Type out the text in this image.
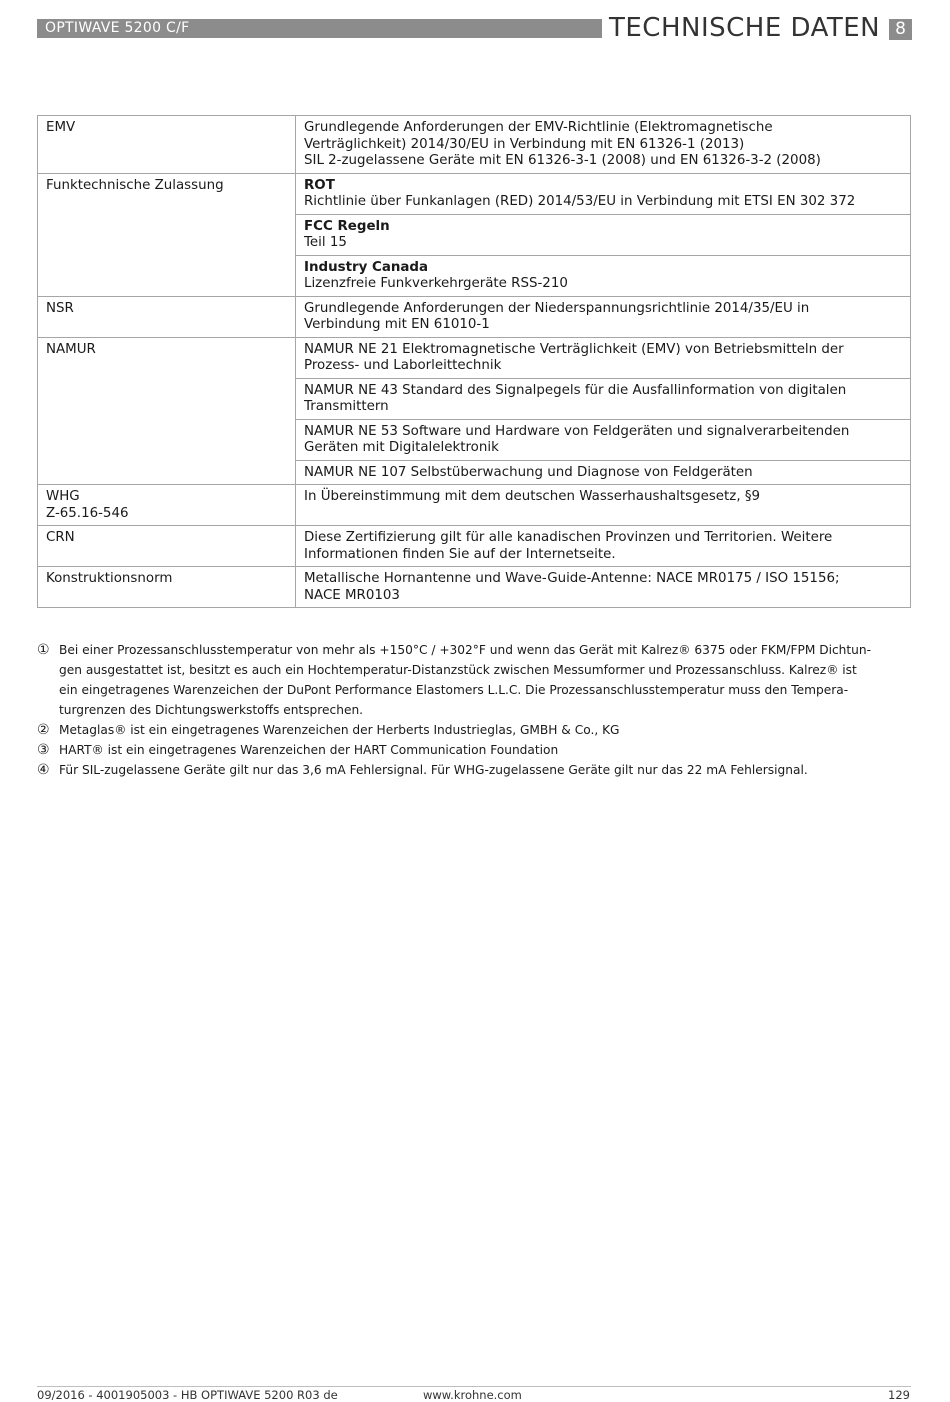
OPTIWAVE 5200 C/F	TECHNISCHE DATEN 8
EMV	Grundlegende Anforderungen der EMV-Richtlinie (Elektromagnetische
Verträglichkeit) 2014/30/EU in Verbindung mit EN 61326-1 (2013)
SIL 2-zugelassene Geräte mit EN 61326-3-1 (2008) und EN 61326-3-2 (2008)

Funktechnische Zulassung	ROT
Richtlinie über Funkanlagen (RED) 2014/53/EU in Verbindung mit ETSI EN 302 372

	FCC Regeln
Teil 15

	Industry Canada
Lizenzfreie Funkverkehrgeräte RSS-210

NSR	Grundlegende Anforderungen der Niederspannungsrichtlinie 2014/35/EU in
Verbindung mit EN 61010-1

NAMUR	NAMUR NE 21 Elektromagnetische Verträglichkeit (EMV) von Betriebsmitteln der
Prozess- und Laborleittechnik

	NAMUR NE 43 Standard des Signalpegels für die Ausfallinformation von digitalen
Transmittern

	NAMUR NE 53 Software und Hardware von Feldgeräten und signalverarbeitenden
Geräten mit Digitalelektronik

	NAMUR NE 107 Selbstüberwachung und Diagnose von Feldgeräten

WHG
Z-65.16-546	In Übereinstimmung mit dem deutschen Wasserhaushaltsgesetz, §9

CRN	Diese Zertifizierung gilt für alle kanadischen Provinzen und Territorien. Weitere
Informationen finden Sie auf der Internetseite.

Konstruktionsnorm	Metallische Hornantenne und Wave-Guide-Antenne: NACE MR0175 / ISO 15156;
NACE MR0103
① Bei einer Prozessanschlusstemperatur von mehr als +150°C / +302°F und wenn das Gerät mit Kalrez® 6375 oder FKM/FPM Dichtun-
gen ausgestattet ist, besitzt es auch ein Hochtemperatur-Distanzstück zwischen Messumformer und Prozessanschluss. Kalrez® ist
ein eingetragenes Warenzeichen der DuPont Performance Elastomers L.L.C. Die Prozessanschlusstemperatur muss den Tempera-
turgrenzen des Dichtungswerkstoffs entsprechen.
② Metaglas® ist ein eingetragenes Warenzeichen der Herberts Industrieglas, GMBH & Co., KG
③ HART® ist ein eingetragenes Warenzeichen der HART Communication Foundation
④ Für SIL-zugelassene Geräte gilt nur das 3,6 mA Fehlersignal. Für WHG-zugelassene Geräte gilt nur das 22 mA Fehlersignal.
09/2016 - 4001905003 - HB OPTIWAVE 5200 R03 de	www.krohne.com	129
